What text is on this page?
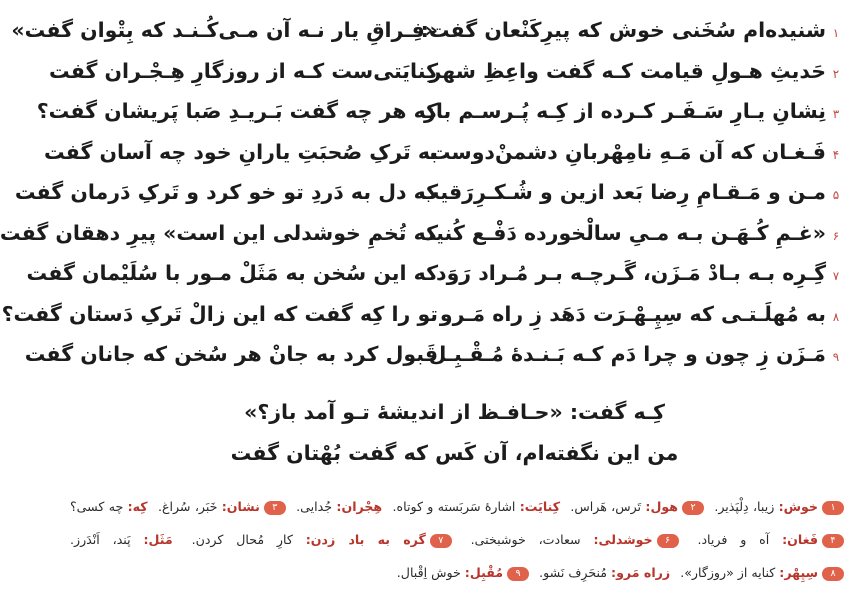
۱
شنیده‌ام سُخَنی خوش که پیرِکَنْعان گفت:
«فِـراقِ یار نـه آن مـی‌کُـنـد که بِتْوان گفت»
۲
حَدیثِ هـولِ قیامت کـه گفت واعِظِ شهر
کِنایَتی‌ست کـه از روزگارِ هِـجْـران گفت
۳
نِشانِ یـارِ سَـفَـر کـرده از کِـه پُـرسـم باز
که هر چه گفت بَـریـدِ صَبا پَریشان گفت؟
۴
فَـغـان که آن مَـهِ نامِهْربانِ دشمنْ‌دوست
به تَرکِ صُحبَتِ یارانِ خود چه آسان گفت
۵
مـن و مَـقـامِ رِضا بَعد ازین و شُـکـرِرَقیب
که دل به دَردِ تو خو کرد و تَرکِ دَرمان گفت
۶
«غـمِ کُـهَـن بـه مـیِ سالْخورده دَفْـع کُنید
که تُخمِ خوشدلی این است» پیرِ دهقان گفت
۷
گِـرِه بـه بـادْ مَـزَن، گَـرچـه بـر مُـراد رَوَد
که این سُخن به مَثَلْ مـور با سُلَیْمان گفت
۸
به مُهلَـتـی که سِپِـهْـرَت دَهَد زِ راه مَـرو
تو را کِه گفت که این زالْ تَرکِ دَستان گفت؟
۹
مَـزَن زِ چون و چرا دَم کـه بَـنـدهٔ مُـقْـبِـل
قَبول کرد به جانْ هر سُخن که جانان گفت
کِـه گفت: «حـافـظ از اندیشهٔ تـو آمد باز؟»
من این نگفته‌ام، آن کَس که گفت بُهْتان گفت
۱خوش: زیبا، دِلْپَذیر. ۲هول: تَرس، هَراس. کِنایَت: اشارهٔ سَربَسته و کوتاه. هِجْران: جُدایی. ۳نشان: خَبَر، سُراغ. کِه: چه کسی؟ ۴فَغان: آه و فریاد. ۶خوشدلی: سعادت، خوشبختی. ۷گره به باد زدن: کارِ مُحال کردن. مَثَل: پَند، اَنْدَرز. ۸سِپِهْر: کنایه از «روزگار». زراه مَرو: مُنحَرِف نَشو. ۹مُقْبِل: خوش اِقْبال.
